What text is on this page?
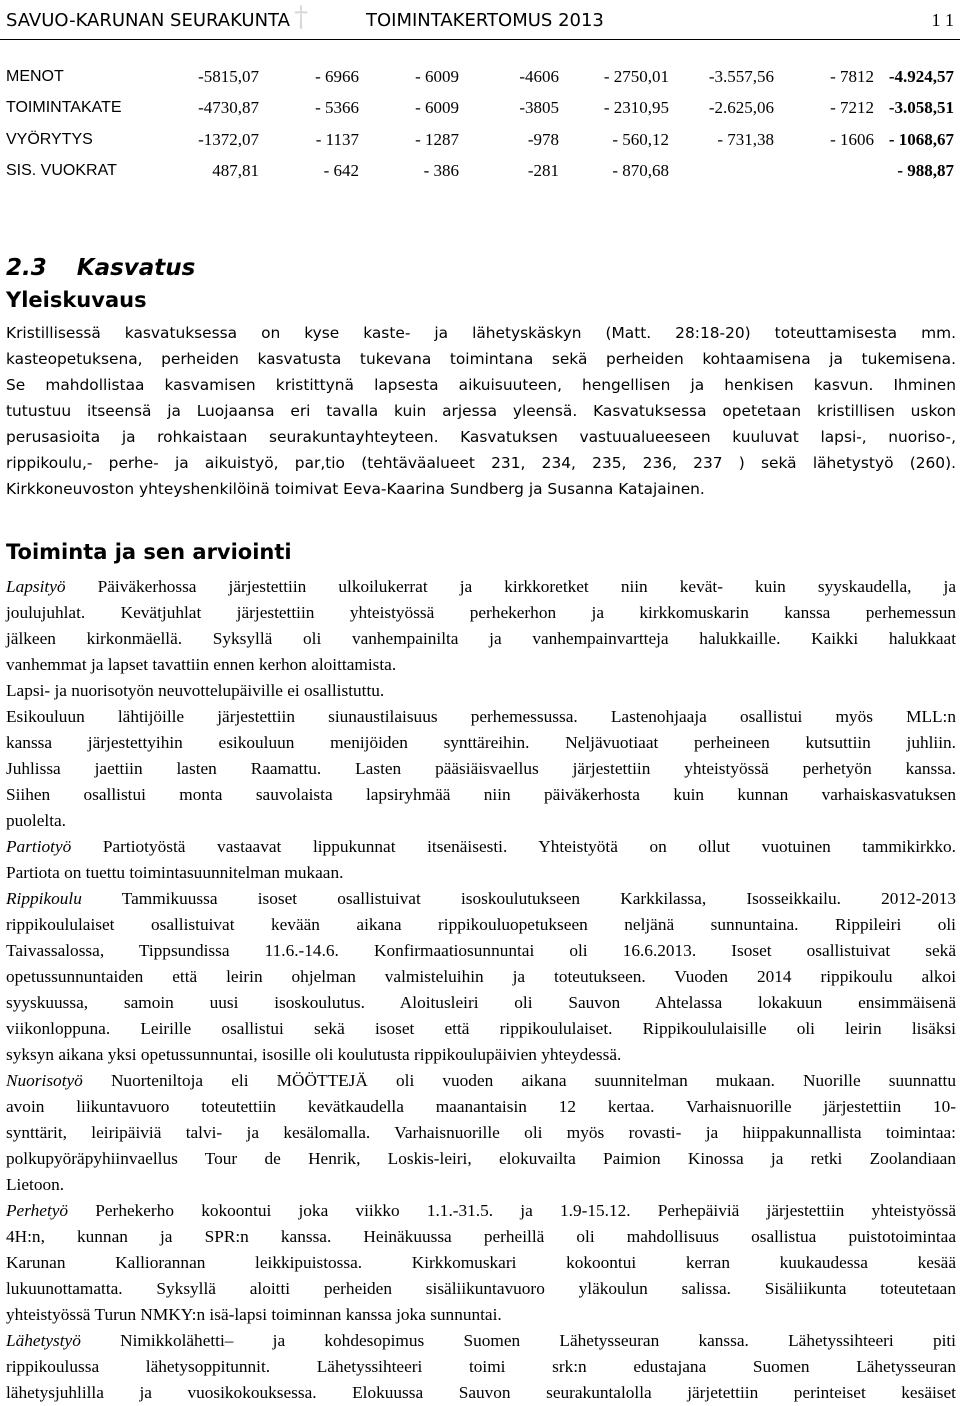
SAVUO-KARUNAN SEURAKUNTA †	TOIMINTAKERTOMUS 2013	1 1
MENOT	-5815,07	- 6966	- 6009	-4606	- 2750,01	-3.557,56	- 7812	-4.924,57
TOIMINTAKATE	-4730,87	- 5366	- 6009	-3805	- 2310,95	-2.625,06	- 7212	-3.058,51
VYÖRYTYS	-1372,07	- 1137	- 1287	-978	- 560,12	- 731,38	- 1606	- 1068,67
SIS. VUOKRAT	487,81	- 642	- 386	-281	- 870,68			- 988,87
2.3 Kasvatus
Yleiskuvaus
Kristillisessä kasvatuksessa on kyse kaste- ja lähetyskäskyn (Matt. 28:18-20) toteuttamisesta mm.
kasteopetuksena, perheiden kasvatusta tukevana toimintana sekä perheiden kohtaamisena ja tukemisena.
Se mahdollistaa kasvamisen kristittynä lapsesta aikuisuuteen, hengellisen ja henkisen kasvun. Ihminen
tutustuu itseensä ja Luojaansa eri tavalla kuin arjessa yleensä. Kasvatuksessa opetetaan kristillisen uskon
perusasioita ja rohkaistaan seurakuntayhteyteen. Kasvatuksen vastuualueeseen kuuluvat lapsi-, nuoriso-,
rippikoulu,- perhe- ja aikuistyö, par,tio (tehtäväalueet 231, 234, 235, 236, 237 ) sekä lähetystyö (260).
Kirkkoneuvoston yhteyshenkilöinä toimivat Eeva-Kaarina Sundberg ja Susanna Katajainen.
Toiminta ja sen arviointi
Lapsityö Päiväkerhossa järjestettiin ulkoilukerrat ja kirkkoretket niin kevät- kuin syyskaudella, ja
joulujuhlat. Kevätjuhlat järjestettiin yhteistyössä perhekerhon ja kirkkomuskarin kanssa perhemessun
jälkeen kirkonmäellä. Syksyllä oli vanhempainilta ja vanhempainvartteja halukkaille. Kaikki halukkaat
vanhemmat ja lapset tavattiin ennen kerhon aloittamista.
Lapsi- ja nuorisotyön neuvottelupäiville ei osallistuttu.
Esikouluun lähtijöille järjestettiin siunaustilaisuus perhemessussa. Lastenohjaaja osallistui myös MLL:n
kanssa järjestettyihin esikouluun menijöiden synttäreihin. Neljävuotiaat perheineen kutsuttiin juhliin.
Juhlissa jaettiin lasten Raamattu. Lasten pääsiäisvaellus järjestettiin yhteistyössä perhetyön kanssa.
Siihen osallistui monta sauvolaista lapsiryhmää niin päiväkerhosta kuin kunnan varhaiskasvatuksen
puolelta.
Partiotyö Partiotyöstä vastaavat lippukunnat itsenäisesti. Yhteistyötä on ollut vuotuinen tammikirkko.
Partiota on tuettu toimintasuunnitelman mukaan.
Rippikoulu Tammikuussa isoset osallistuivat isoskoulutukseen Karkkilassa, Isosseikkailu. 2012-2013
rippikoululaiset osallistuivat kevään aikana rippikouluopetukseen neljänä sunnuntaina. Rippileiri oli
Taivassalossa, Tippsundissa 11.6.-14.6. Konfirmaatiosunnuntai oli 16.6.2013. Isoset osallistuivat sekä
opetussunnuntaiden että leirin ohjelman valmisteluihin ja toteutukseen. Vuoden 2014 rippikoulu alkoi
syyskuussa, samoin uusi isoskoulutus. Aloitusleiri oli Sauvon Ahtelassa lokakuun ensimmäisenä
viikonloppuna. Leirille osallistui sekä isoset että rippikoululaiset. Rippikoululaisille oli leirin lisäksi
syksyn aikana yksi opetussunnuntai, isosille oli koulutusta rippikoulupäivien yhteydessä.
Nuorisotyö Nuorteniltoja eli MÖÖTTEJÄ oli vuoden aikana suunnitelman mukaan. Nuorille suunnattu
avoin liikuntavuoro toteutettiin kevätkaudella maanantaisin 12 kertaa. Varhaisnuorille järjestettiin 10-
synttärit, leiripäiviä talvi- ja kesälomalla. Varhaisnuorille oli myös rovasti- ja hiippakunnallista toimintaa:
polkupyöräpyhiinvaellus Tour de Henrik, Loskis-leiri, elokuvailta Paimion Kinossa ja retki Zoolandiaan
Lietoon.
Perhetyö Perhekerho kokoontui joka viikko 1.1.-31.5. ja 1.9-15.12. Perhepäiviä järjestettiin yhteistyössä
4H:n, kunnan ja SPR:n kanssa. Heinäkuussa perheillä oli mahdollisuus osallistua puistotoimintaa
Karunan Kalliorannan leikkipuistossa. Kirkkomuskari kokoontui kerran kuukaudessa kesää
lukuunottamatta. Syksyllä aloitti perheiden sisäliikuntavuoro yläkoulun salissa. Sisäliikunta toteutetaan
yhteistyössä Turun NMKY:n isä-lapsi toiminnan kanssa joka sunnuntai.
Lähetystyö Nimikkolähetti– ja kohdesopimus Suomen Lähetysseuran kanssa. Lähetyssihteeri piti
rippikoulussa lähetysoppitunnit. Lähetyssihteeri toimi srk:n edustajana Suomen Lähetysseuran
lähetysjuhlilla ja vuosikokouksessa. Elokuussa Sauvon seurakuntalolla järjetettiin perinteiset kesäiset
